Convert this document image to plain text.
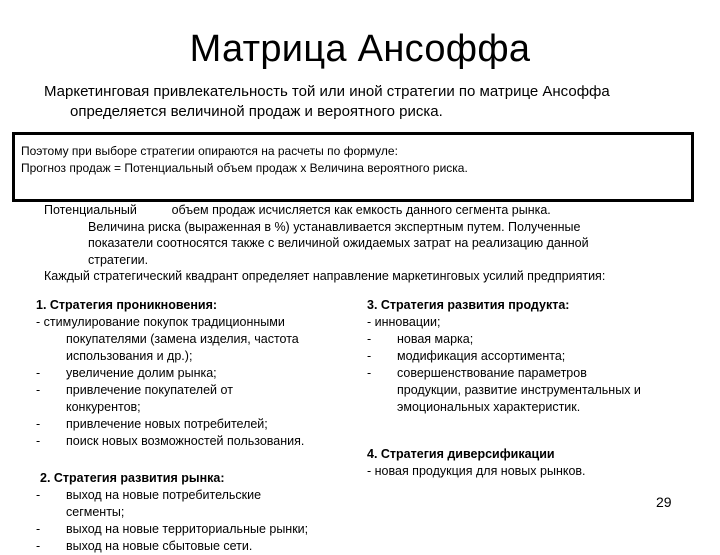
Матрица Ансоффа
Маркетинговая привлекательность той или иной стратегии по матрице Ансоффа
определяется величиной продаж и вероятного риска.
Поэтому при выборе стратегии опираются на расчеты по формуле:
Прогноз продаж = Потенциальный объем продаж х Величина вероятного риска.
Потенциальный          объем продаж исчисляется как емкость данного сегмента рынка.
Величина риска (выраженная в %) устанавливается экспертным путем. Полученные
показатели соотносятся также с величиной ожидаемых затрат на реализацию данной
стратегии.
Каждый стратегический квадрант определяет направление маркетинговых усилий предприятия:
1. Стратегия проникновения:
- стимулирование покупок традиционными
покупателями (замена изделия, частота
использования и др.);
- увеличение долим рынка;
- привлечение покупателей от
конкурентов;
- привлечение новых потребителей;
- поиск новых возможностей пользования.
2. Стратегия развития рынка:
- выход на новые потребительские
сегменты;
- выход на новые территориальные рынки;
- выход на новые сбытовые сети.
3. Стратегия развития продукта:
- инновации;
- новая марка;
- модификация ассортимента;
- совершенствование параметров
продукции, развитие инструментальных и
эмоциональных характеристик.
4. Стратегия диверсификации
- новая продукция для новых рынков.
29
